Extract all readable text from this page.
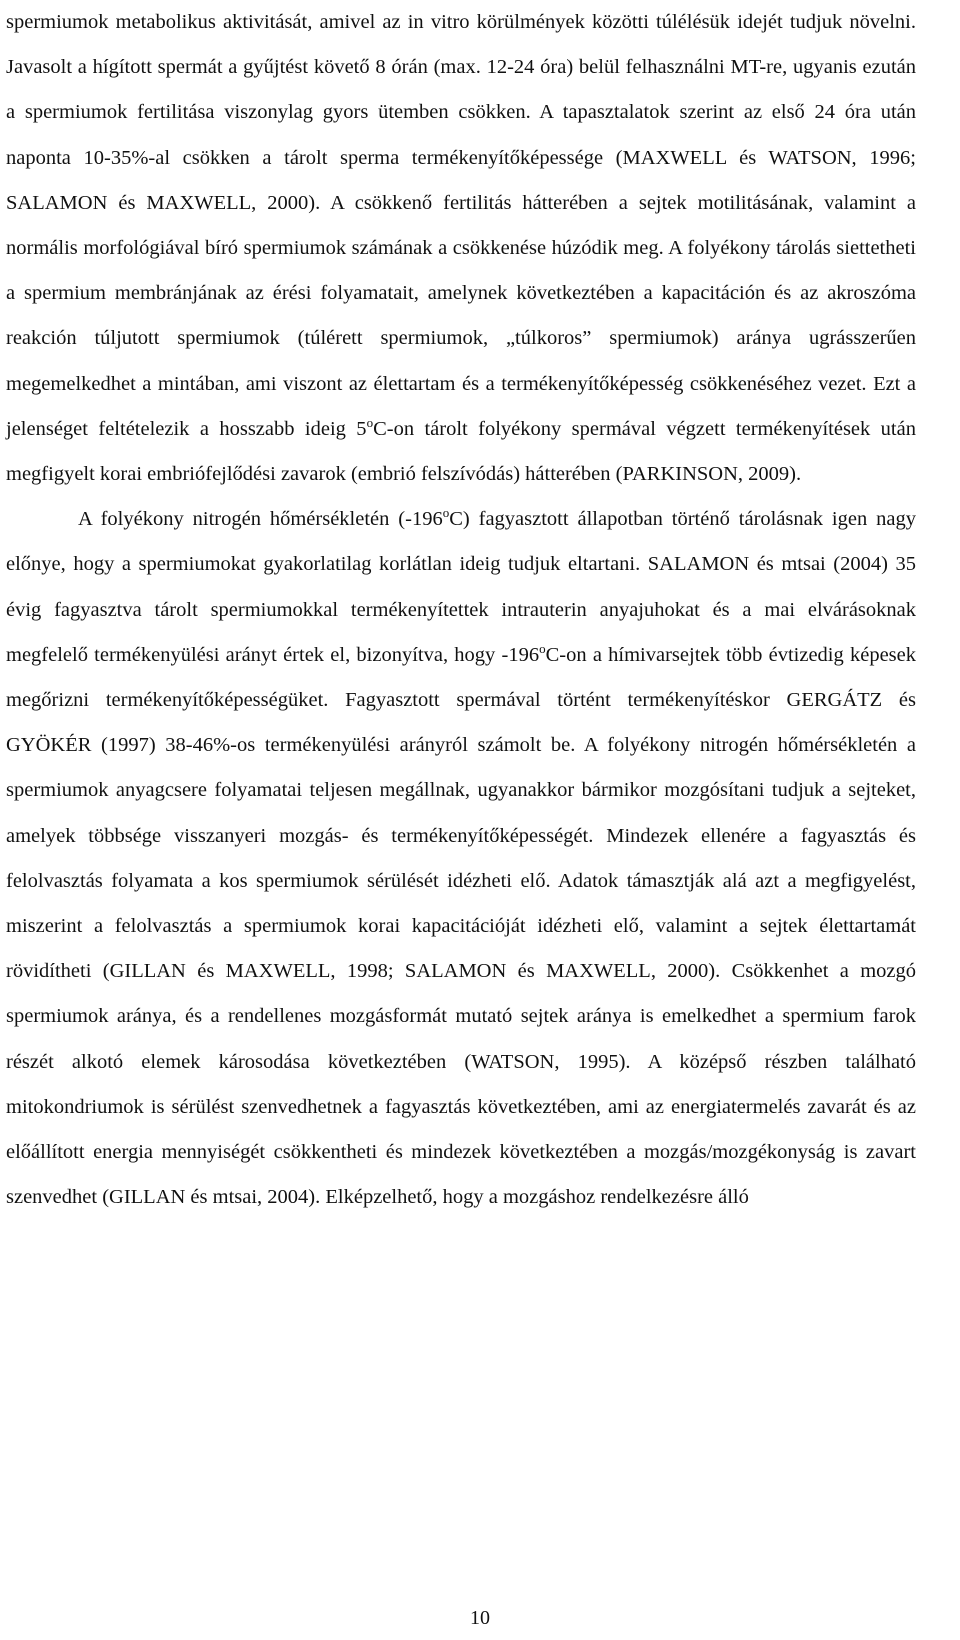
spermiumok metabolikus aktivitását, amivel az in vitro körülmények közötti túlélésük idejét tudjuk növelni. Javasolt a hígított spermát a gyűjtést követő 8 órán (max. 12-24 óra) belül felhasználni MT-re, ugyanis ezután a spermiumok fertilitása viszonylag gyors ütemben csökken. A tapasztalatok szerint az első 24 óra után naponta 10-35%-al csökken a tárolt sperma termékenyítőképessége (MAXWELL és WATSON, 1996; SALAMON és MAXWELL, 2000). A csökkenő fertilitás hátterében a sejtek motilitásának, valamint a normális morfológiával bíró spermiumok számának a csökkenése húzódik meg. A folyékony tárolás siettetheti a spermium membránjának az érési folyamatait, amelynek következtében a kapacitáción és az akroszóma reakción túljutott spermiumok (túlérett spermiumok, „túlkoros” spermiumok) aránya ugrásszerűen megemelkedhet a mintában, ami viszont az élettartam és a termékenyítőképesség csökkenéséhez vezet. Ezt a jelenséget feltételezik a hosszabb ideig 5$^o$C-on tárolt folyékony spermával végzett termékenyítések után megfigyelt korai embriófejlődési zavarok (embrió felszívódás) hátterében (PARKINSON, 2009).

A folyékony nitrogén hőmérsékletén (-196$^o$C) fagyasztott állapotban történő tárolásnak igen nagy előnye, hogy a spermiumokat gyakorlatilag korlátlan ideig tudjuk eltartani. SALAMON és mtsai (2004) 35 évig fagyasztva tárolt spermiumokkal termékenyítettek intrauterin anyajuhokat és a mai elvárásoknak megfelelő termékenyülési arányt értek el, bizonyítva, hogy -196$^o$C-on a hímivarsejtek több évtizedig képesek megőrizni termékenyítőképességüket. Fagyasztott spermával történt termékenyítéskor GERGÁTZ és GYÖKÉR (1997) 38-46%-os termékenyülési arányról számolt be. A folyékony nitrogén hőmérsékletén a spermiumok anyagcsere folyamatai teljesen megállnak, ugyanakkor bármikor mozgósítani tudjuk a sejteket, amelyek többsége visszanyeri mozgás- és termékenyítőképességét. Mindezek ellenére a fagyasztás és felolvasztás folyamata a kos spermiumok sérülését idézheti elő. Adatok támasztják alá azt a megfigyelést, miszerint a felolvasztás a spermiumok korai kapacitációját idézheti elő, valamint a sejtek élettartamát rövidítheti (GILLAN és MAXWELL, 1998; SALAMON és MAXWELL, 2000). Csökkenhet a mozgó spermiumok aránya, és a rendellenes mozgásformát mutató sejtek aránya is emelkedhet a spermium farok részét alkotó elemek károsodása következtében (WATSON, 1995). A középső részben található mitokondriumok is sérülést szenvedhetnek a fagyasztás következtében, ami az energiatermelés zavarát és az előállított energia mennyiségét csökkentheti és mindezek következtében a mozgás/mozgékonyság is zavart szenvedhet (GILLAN és mtsai, 2004). Elképzelhető, hogy a mozgáshoz rendelkezésre álló

10
